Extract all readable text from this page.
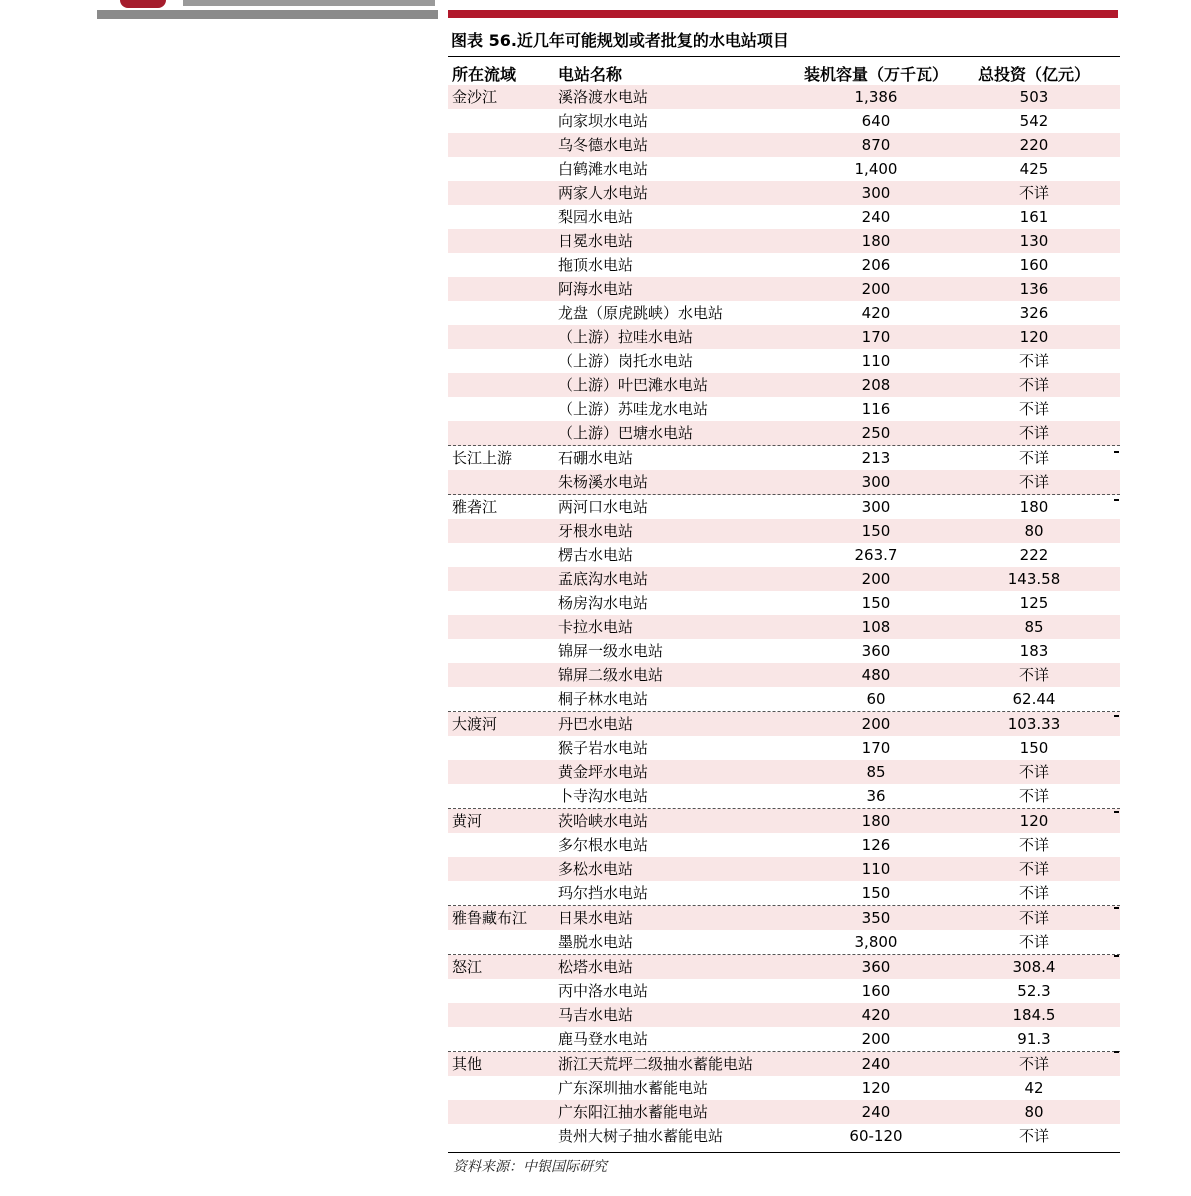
图表 56.近几年可能规划或者批复的水电站项目
所在流域	电站名称	装机容量（万千瓦）	总投资（亿元）
金沙江	溪洛渡水电站	1,386	503
向家坝水电站	640	542
乌冬德水电站	870	220
白鹤滩水电站	1,400	425
两家人水电站	300	不详
梨园水电站	240	161
日冕水电站	180	130
拖顶水电站	206	160
阿海水电站	200	136
龙盘（原虎跳峡）水电站	420	326
（上游）拉哇水电站	170	120
（上游）岗托水电站	110	不详
（上游）叶巴滩水电站	208	不详
（上游）苏哇龙水电站	116	不详
（上游）巴塘水电站	250	不详
长江上游	石硼水电站	213	不详
朱杨溪水电站	300	不详
雅砻江	两河口水电站	300	180
牙根水电站	150	80
楞古水电站	263.7	222
孟底沟水电站	200	143.58
杨房沟水电站	150	125
卡拉水电站	108	85
锦屏一级水电站	360	183
锦屏二级水电站	480	不详
桐子林水电站	60	62.44
大渡河	丹巴水电站	200	103.33
猴子岩水电站	170	150
黄金坪水电站	85	不详
卜寺沟水电站	36	不详
黄河	茨哈峡水电站	180	120
多尔根水电站	126	不详
多松水电站	110	不详
玛尔挡水电站	150	不详
雅鲁藏布江 日果水电站	350	不详
墨脱水电站	3,800	不详
怒江	松塔水电站	360	308.4
丙中洛水电站	160	52.3
马吉水电站	420	184.5
鹿马登水电站	200	91.3
其他	浙江天荒坪二级抽水蓄能电站	240	不详
广东深圳抽水蓄能电站	120	42
广东阳江抽水蓄能电站	240	80
贵州大树子抽水蓄能电站	60-120	不详
资料来源：中银国际研究
